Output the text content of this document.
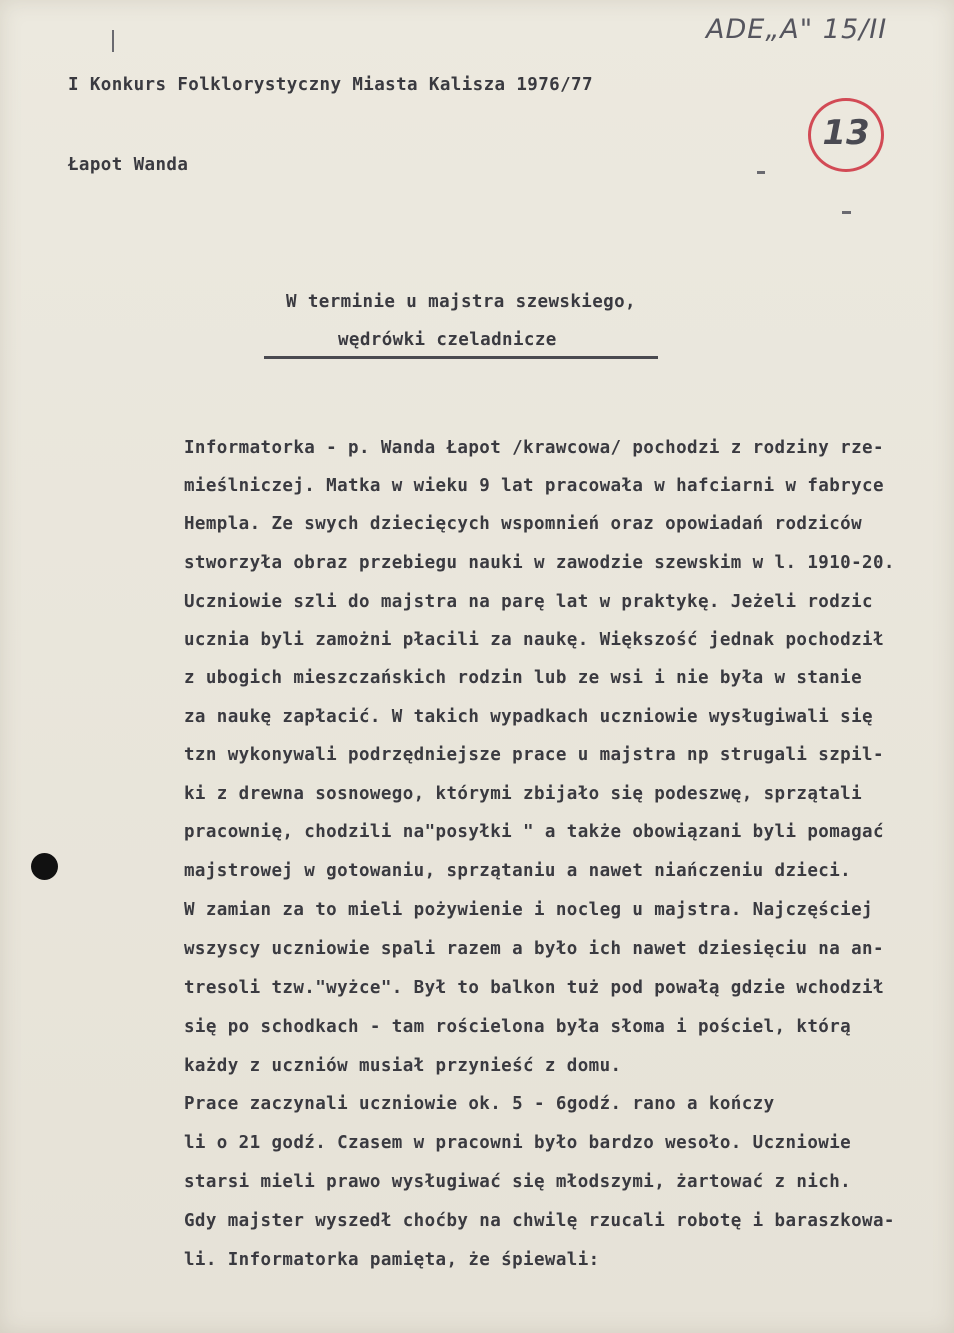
ADE„A" 15/II
13
I Konkurs Folklorystyczny Miasta Kalisza 1976/77
Łapot Wanda
W terminie u majstra szewskiego,
wędrówki czeladnicze
Informatorka - p. Wanda Łapot /krawcowa/ pochodzi z rodziny rze-
mieślniczej. Matka w wieku 9 lat pracowała w hafciarni w fabryce
Hempla. Ze swych dziecięcych wspomnień oraz opowiadań rodziców
stworzyła obraz przebiegu nauki w zawodzie szewskim w l. 1910-20.
Uczniowie szli do majstra na parę lat w praktykę. Jeżeli rodzic
ucznia byli zamożni płacili za naukę. Większość jednak pochodził
z ubogich mieszczańskich rodzin lub ze wsi i nie była w stanie
za naukę zapłacić. W takich wypadkach uczniowie wysługiwali się
tzn wykonywali podrzędniejsze prace u majstra np strugali szpil-
ki z drewna sosnowego, którymi zbijało się podeszwę, sprzątali
pracownię, chodzili na"posyłki " a także obowiązani byli pomagać
majstrowej w gotowaniu, sprzątaniu a nawet niańczeniu dzieci.
W zamian za to mieli pożywienie i nocleg u majstra. Najczęściej
wszyscy uczniowie spali razem a było ich nawet dziesięciu na an-
tresoli tzw."wyżce". Był to balkon tuż pod powałą gdzie wchodził
się po schodkach - tam rościelona była słoma i pościel, którą
każdy z uczniów musiał przynieść z domu.
Prace zaczynali uczniowie ok. 5 - 6godź. rano a kończy
li o 21 godź. Czasem w pracowni było bardzo wesoło. Uczniowie
starsi mieli prawo wysługiwać się młodszymi, żartować z nich.
Gdy majster wyszedł choćby na chwilę rzucali robotę i baraszkowa-
li. Informatorka pamięta, że śpiewali:
